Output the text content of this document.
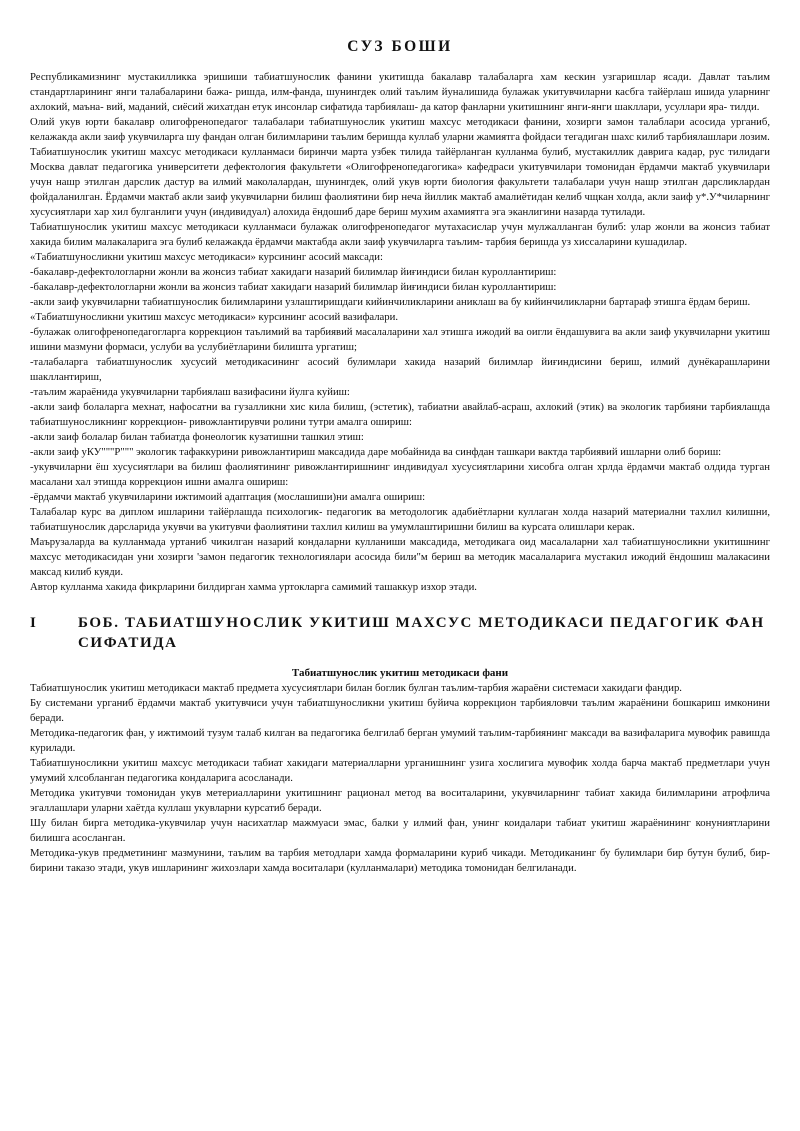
СУЗ БОШИ

Республикамизнинг мустакилликка эришиши табиатшунослик фанини укитишда бакалавр талабаларга хам кескин узгаришлар ясади. Давлат таълим стандартларининг янги талабаларини бажа- ришда, илм-фанда, шунингдек олий таълим йуналишида булажак укитувчиларни касбга тайёрлаш ишида уларнинг ахлокий, маъна- вий, маданий, сиёсий жихатдан етук инсонлар сифатида тарбиялаш- да катор фанларни укитишнинг янги-янги шакллари, усуллари яра- тилди.

Олий укув юрти бакалавр олигофренопедагог талабалари табиатшунослик укитиш махсус методикаси фанини, хозирги замон талаблари асосида урганиб, келажакда акли заиф укувчиларга шу фандан олган билимларини таълим беришда куллаб уларни жамиятга фойдаси тегадиган шахс килиб тарбиялашлари лозим.

Табиатшунослик укитиш махсус методикаси кулланмаси биринчи марта узбек тилида тайёрланган кулланма булиб, мустакиллик даврига кадар, рус тилидаги Москва давлат педагогика университети дефектология факультети «Олигофренопедагогика» кафедраси укитувчилари томонидан ёрдамчи мактаб укувчилари учун нашр этилган дарслик дастур ва илмий маколалардан, шунингдек, олий укув юрти биология факультети талабалари учун нашр этилган дарсликлардан фойдаланилган. Ёрдамчи мактаб акли заиф укувчиларни билиш фаолиятини бир неча йиллик мактаб амалиётидан келиб чщкан холда, акли заиф у*.У*чиларнинг хусусиятлари хар хил булганлиги учун (индивидуал) алохида ёндошиб даре бериш мухим ахамиятга эга эканлигини назарда тутилади.

Табиатшунослик укитиш махсус методикаси кулланмаси булажак олигофренопедагог мутахасислар учун мулжалланган булиб: улар жонли ва жонсиз табиат хакида билим малакаларига эга булиб келажакда ёрдамчи мактабда акли заиф укувчиларга таълим- тарбия беришда уз хиссаларини кушадилар.

«Табиатшуносликни укитиш махсус методикаси» курсининг асосий максади:

-бакалавр-дефектологларни жонли ва жонсиз табиат хакидаги назарий билимлар йиғиндиси билан куроллантириш:

-бакалавр-дефектологларни жонли ва жонсиз табиат хакидаги назарий билимлар йиғиндиси билан куроллантириш:

-акли заиф укувчиларни табиатшунослик билимларини узлаштиришдаги кийинчиликларини аниклаш ва бу кийинчиликларни бартараф этишга ёрдам бериш.

«Табиатшуносликни укитиш махсус методикаси» курсининг асосий вазифалари.

-булажак олигофренопедагогларга коррекцион таълимий ва тарбиявий масалаларини хал этишга ижодий ва оигли ёндашувига ва акли заиф укувчиларни укитиш ишини мазмуни формаси, услуби ва услубиётларини билишта ургатиш;

-талабаларга табиатшунослик хусусий методикасининг асосий булимлари хакида назарий билимлар йиғиндисини бериш, илмий дунёкарашларини шакллантириш,

-таълим жараёнида укувчиларни тарбиялаш вазифасини йулга куйиш:

-акли заиф болаларга мехнат, нафосатни ва гузалликни хис кила билиш, (эстетик), табиатни авайлаб-асраш, ахлокий (этик) ва экологик тарбияни тарбиялашда табиатшуносликнинг коррекцион- ривожлантирувчи ролини тутри амалга ошириш:

-акли заиф болалар билан табиатда фонеологик кузатишни ташкил этиш:

-акли заиф уКУ"""Р""" экологик тафаккурини ривожлантириш максадида даре мобайнида ва синфдан ташкари вактда тарбиявий ишларни олиб бориш:

-укувчиларни ёш хусусиятлари ва билиш фаолиятининг ривожлантиришнинг индивидуал хусусиятларини хисобга олган хрлда ёрдамчи мактаб олдида турган масалани хал этишда коррекцион ишни амалга ошириш:

-ёрдамчи мактаб укувчиларини ижтимоий адаптация (мослашиши)ни амалга ошириш:

Талабалар курс ва диплом ишларини тайёрлашда психологик- педагогик ва методологик адабиётларни куллаган холда назарий материални тахлил килишни, табиатшунослик дарсларида укувчи ва укитувчи фаолиятини тахлил килиш ва умумлаштиришни билиш ва курсата олишлари керак.

Маърузаларда ва кулланмада уртаниб чикилган назарий кондаларни кулланиши максадида, методикага оид масалаларни хал табиатшуносликни укитишнинг махсус методикасидан уни хозирги 'замон педагогик технологиялари асосида били"м бериш ва методик масалаларига мустакил ижодий ёндошиш малакасини максад килиб куяди.

Автор кулланма хакида фикрларини билдирган хамма уртокларга самимий ташаккур изхор этади.

I	БОБ. ТАБИАТШУНОСЛИК УКИТИШ МАХСУС МЕТОДИКАСИ ПЕДАГОГИК ФАН СИФАТИДА
Табиатшунослик укитиш методикаси фани

Табиатшунослик укитиш методикаси мактаб предмета хусусиятлари билан боглик булган таълим-тарбия жараёни системаси хакидаги фандир.

Бу системани урганиб ёрдамчи мактаб укитувчиси учун табиатшуносликни укитиш буйича коррекцион тарбияловчи таълим жараёнини бошкариш имконини беради.

Методика-педагогик фан, у ижтимоий тузум талаб килган ва педагогика белгилаб берган умумий таълим-тарбиянинг максади ва вазифаларига мувофик равишда курилади.

Табиатшуносликни укитиш махсус методикаси табиат хакидаги материалларни урганишнинг узига хослигига мувофик холда барча мактаб предметлари учун умумий хлсобланган педагогика кондаларига асосланади.

Методика укитувчи томонидан укув метериалларини укитишнинг рационал метод ва воситаларини, укувчиларнинг табиат хакида билимларини атрофлича эгаллашлари уларни хаётда куллаш укувларни курсатиб беради.

Шу билан бирга методика-укувчилар учун насихатлар мажмуаси эмас, балки у илмий фан, унинг коидалари табиат укитиш жараёнининг конуниятларини билишга асосланган.

Методика-укув предметининг мазмунини, таълим ва тарбия методлари хамда формаларини куриб чикади. Методиканинг бу булимлари бир бутун булиб, бир-бирини таказо этади, укув ишларининг жихозлари хамда воситалари (кулланмалари) методика томонидан белгиланади.
